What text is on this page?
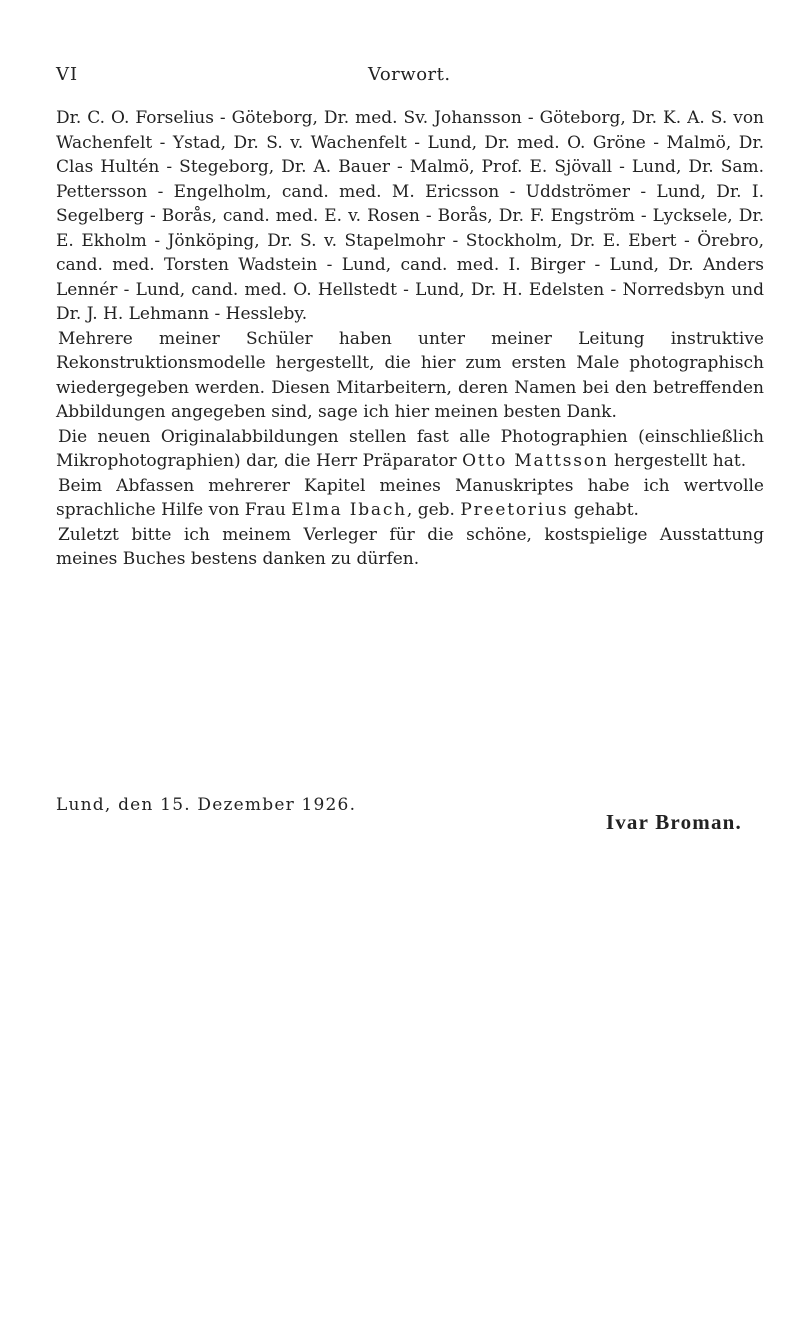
VI	Vorwort.

Dr. C. O. Forselius - Göteborg, Dr. med. Sv. Johansson - Göteborg, Dr. K. A. S. von Wachenfelt - Ystad, Dr. S. v. Wachenfelt - Lund, Dr. med. O. Gröne - Malmö, Dr. Clas Hultén - Stegeborg, Dr. A. Bauer - Malmö, Prof. E. Sjövall - Lund, Dr. Sam. Pettersson - Engelholm, cand. med. M. Ericsson - Uddströmer - Lund, Dr. I. Segelberg - Borås, cand. med. E. v. Rosen - Borås, Dr. F. Engström - Lycksele, Dr. E. Ekholm - Jönköping, Dr. S. v. Stapelmohr - Stockholm, Dr. E. Ebert - Örebro, cand. med. Torsten Wadstein - Lund, cand. med. I. Birger - Lund, Dr. Anders Lennér - Lund, cand. med. O. Hellstedt - Lund, Dr. H. Edelsten - Norredsbyn und Dr. J. H. Lehmann - Hessleby.

Mehrere meiner Schüler haben unter meiner Leitung instruktive Rekonstruktionsmodelle hergestellt, die hier zum ersten Male photographisch wiedergegeben werden. Diesen Mitarbeitern, deren Namen bei den betreffenden Abbildungen angegeben sind, sage ich hier meinen besten Dank.

Die neuen Originalabbildungen stellen fast alle Photographien (einschließlich Mikrophotographien) dar, die Herr Präparator Otto Mattsson hergestellt hat.

Beim Abfassen mehrerer Kapitel meines Manuskriptes habe ich wertvolle sprachliche Hilfe von Frau Elma Ibach, geb. Preetorius gehabt.

Zuletzt bitte ich meinem Verleger für die schöne, kostspielige Ausstattung meines Buches bestens danken zu dürfen.

Lund, den 15. Dezember 1926.
Ivar Broman.
